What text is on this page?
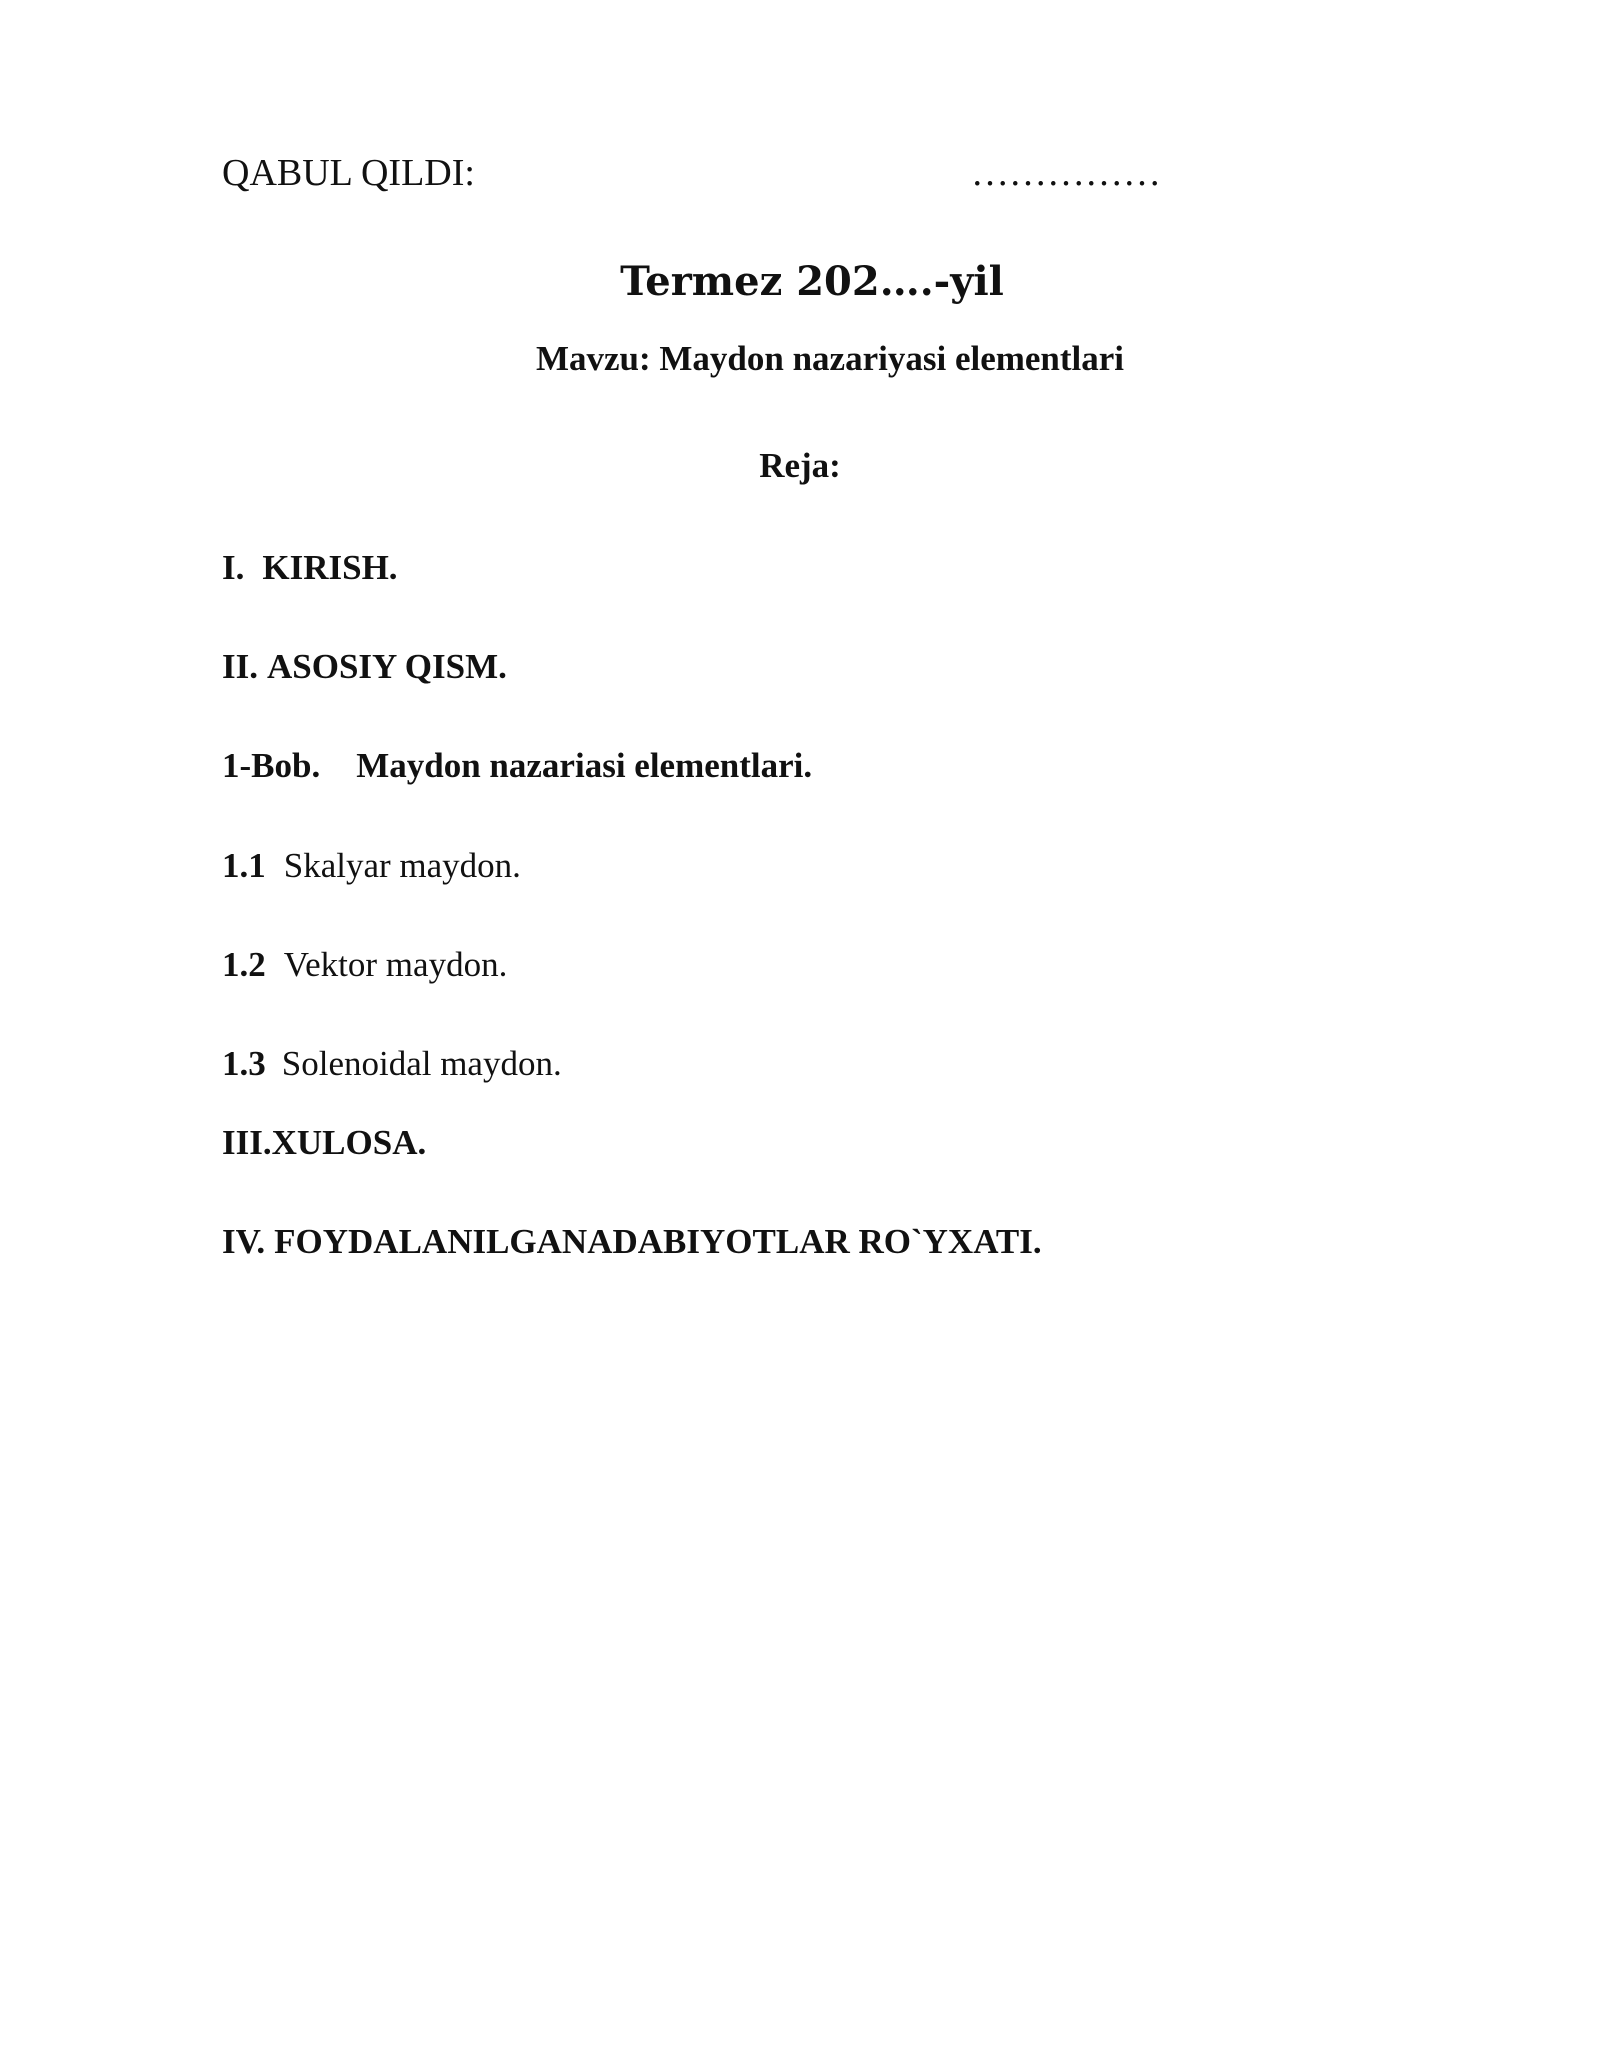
QABUL QILDI:	……………
Termez 202….-yil
Mavzu: Maydon nazariyasi elementlari
Reja:
I. KIRISH.
II. ASOSIY QISM.
1-Bob. Maydon nazariasi elementlari.
1.1 Skalyar maydon.
1.2 Vektor maydon.
1.3 Solenoidal maydon.
III.XULOSA.
IV. FOYDALANILGANADABIYOTLAR RO`YXATI.
